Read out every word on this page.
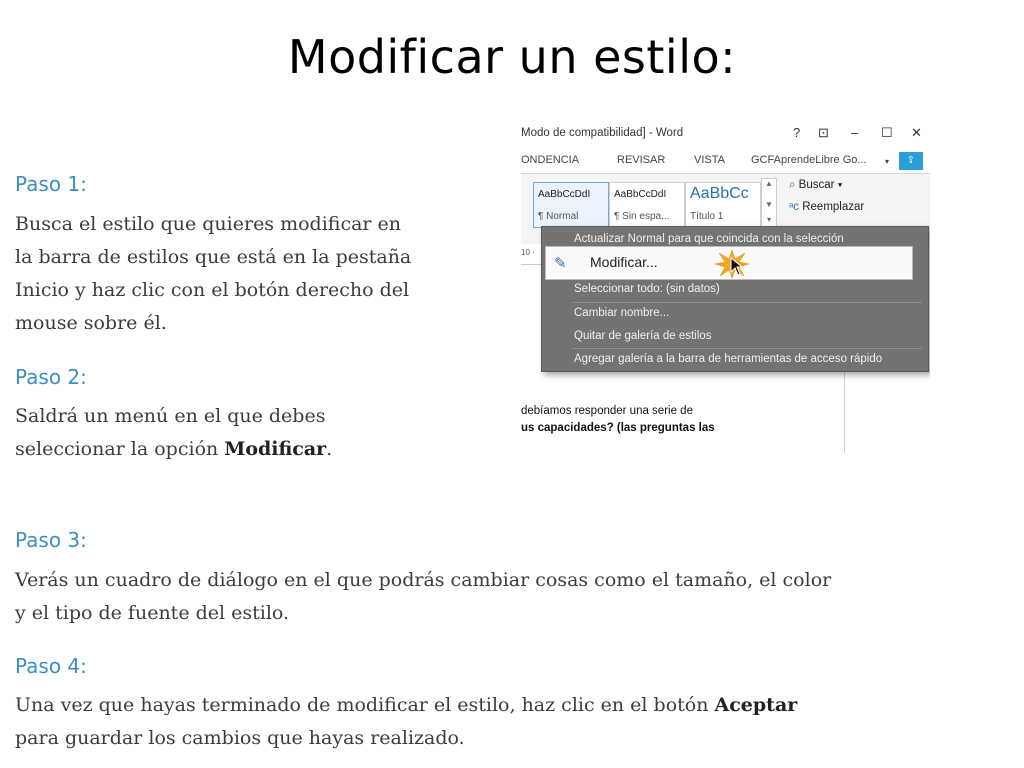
Modificar un estilo:
Paso 1:
Busca el estilo que quieres modificar en
la barra de estilos que está en la pestaña
Inicio y haz clic con el botón derecho del
mouse sobre él.
Paso 2:
Saldrá un menú en el que debes
seleccionar la opción Modificar.
Paso 3:
Verás un cuadro de diálogo en el que podrás cambiar cosas como el tamaño, el color
y el tipo de fuente del estilo.
Paso 4:
Una vez que hayas terminado de modificar el estilo, haz clic en el botón Aceptar
para guardar los cambios que hayas realizado.
Modo de compatibilidad] - Word	? ⊡ – ☐ ✕
ONDENCIA	REVISAR	VISTA GCFAprendeLibre Go... ▾	⇪
AaBbCcDdI
¶ Normal
AaBbCcDdI
¶ Sin espa...
AaBbCc
Título 1
▲
▼
▾
⌕ Buscar ▾
ᵃc Reemplazar
10 ·
debíamos responder una serie de
us capacidades? (las preguntas las
Actualizar Normal para que coincida con la selección
✎ Modificar...
Seleccionar todo: (sin datos)
Cambiar nombre...
Quitar de galería de estilos
Agregar galería a la barra de herramientas de acceso rápido
